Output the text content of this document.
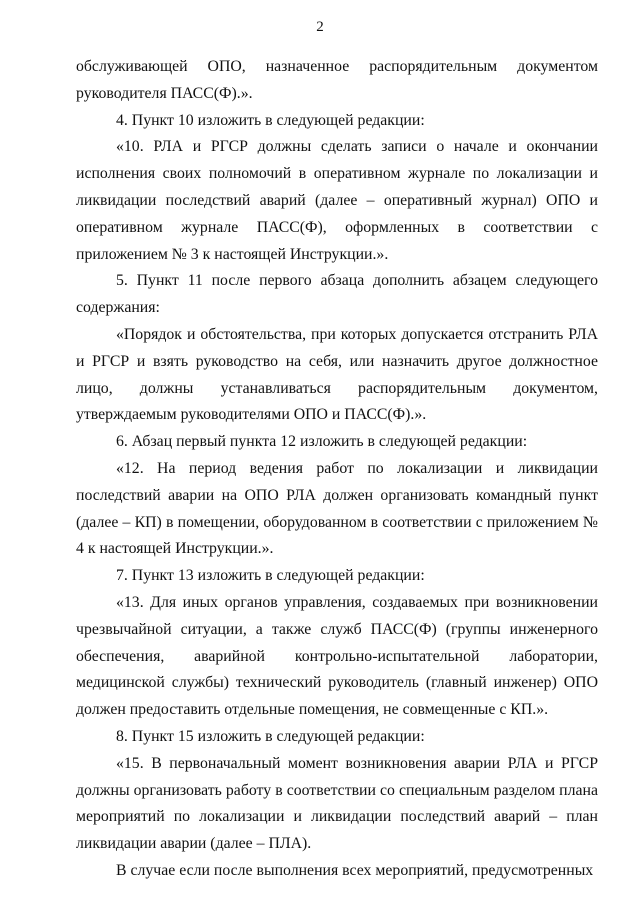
2

обслуживающей ОПО, назначенное распорядительным документом руководителя ПАСС(Ф).».

4. Пункт 10 изложить в следующей редакции:

«10. РЛА и РГСР должны сделать записи о начале и окончании исполнения своих полномочий в оперативном журнале по локализации и ликвидации последствий аварий (далее – оперативный журнал) ОПО и оперативном журнале ПАСС(Ф), оформленных в соответствии с приложением № 3 к настоящей Инструкции.».

5. Пункт 11 после первого абзаца дополнить абзацем следующего содержания:

«Порядок и обстоятельства, при которых допускается отстранить РЛА и РГСР и взять руководство на себя, или назначить другое должностное лицо, должны устанавливаться распорядительным документом, утверждаемым руководителями ОПО и ПАСС(Ф).».

6. Абзац первый пункта 12 изложить в следующей редакции:

«12. На период ведения работ по локализации и ликвидации последствий аварии на ОПО РЛА должен организовать командный пункт (далее – КП) в помещении, оборудованном в соответствии с приложением № 4 к настоящей Инструкции.».

7. Пункт 13 изложить в следующей редакции:

«13. Для иных органов управления, создаваемых при возникновении чрезвычайной ситуации, а также служб ПАСС(Ф) (группы инженерного обеспечения, аварийной контрольно-испытательной лаборатории, медицинской службы) технический руководитель (главный инженер) ОПО должен предоставить отдельные помещения, не совмещенные с КП.».

8. Пункт 15 изложить в следующей редакции:

«15. В первоначальный момент возникновения аварии РЛА и РГСР должны организовать работу в соответствии со специальным разделом плана мероприятий по локализации и ликвидации последствий аварий – план ликвидации аварии (далее – ПЛА).

В случае если после выполнения всех мероприятий, предусмотренных
